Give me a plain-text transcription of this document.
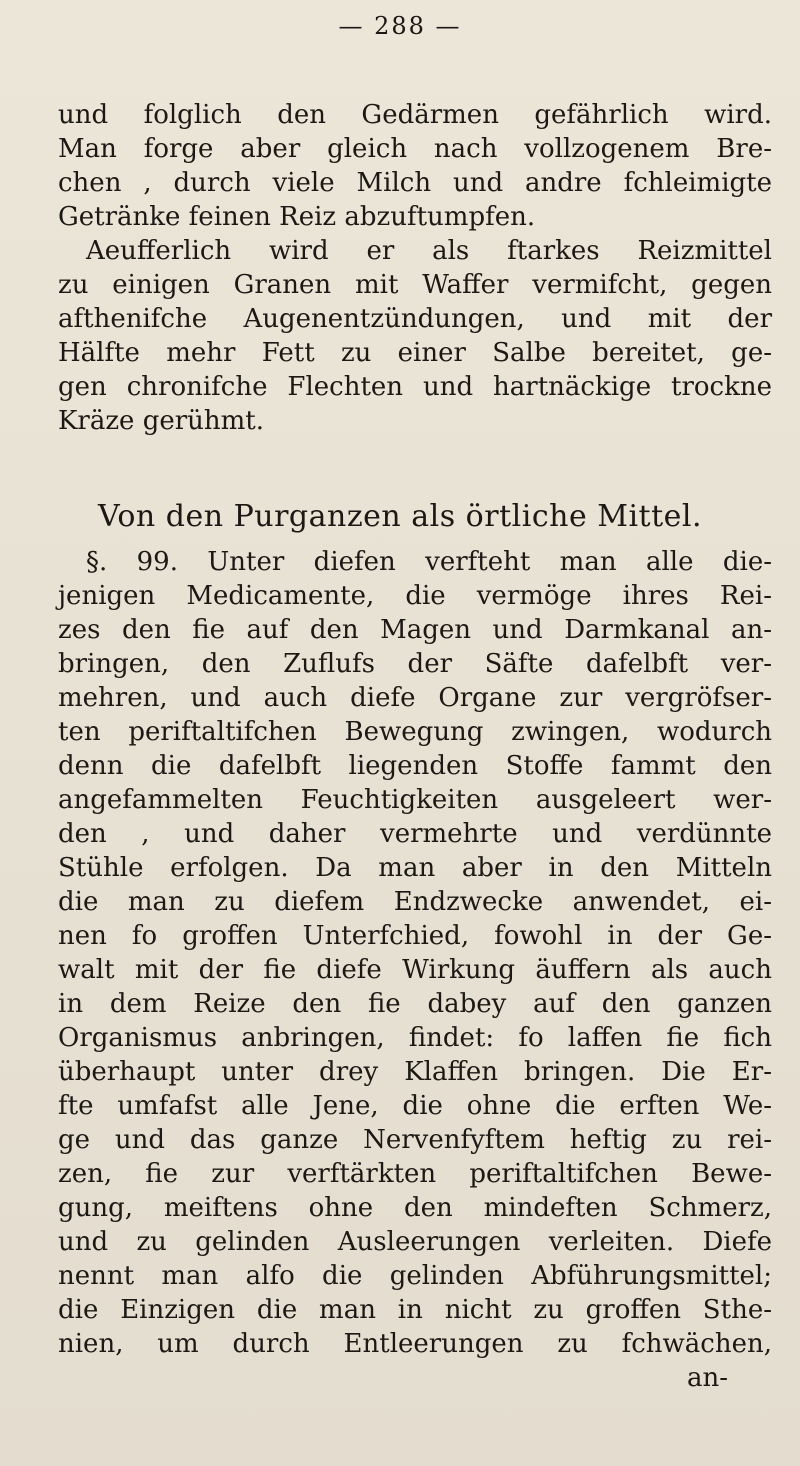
— 288 —
und folglich den Gedärmen gefährlich wird.
Man forge aber gleich nach vollzogenem Bre-
chen , durch viele Milch und andre fchleimigte
Getränke feinen Reiz abzuftumpfen.
Aeufferlich wird er als ftarkes Reizmittel
zu einigen Granen mit Waffer vermifcht, gegen
afthenifche Augenentzündungen, und mit der
Hälfte mehr Fett zu einer Salbe bereitet, ge-
gen chronifche Flechten und hartnäckige trockne
Kräze gerühmt.
Von den Purganzen als örtliche Mittel.
§. 99. Unter diefen verfteht man alle die-
jenigen Medicamente, die vermöge ihres Rei-
zes den fie auf den Magen und Darmkanal an-
bringen, den Zuflufs der Säfte dafelbft ver-
mehren, und auch diefe Organe zur vergröfser-
ten periftaltifchen Bewegung zwingen, wodurch
denn die dafelbft liegenden Stoffe fammt den
angefammelten Feuchtigkeiten ausgeleert wer-
den , und daher vermehrte und verdünnte
Stühle erfolgen. Da man aber in den Mitteln
die man zu diefem Endzwecke anwendet, ei-
nen fo groffen Unterfchied, fowohl in der Ge-
walt mit der fie diefe Wirkung äuffern als auch
in dem Reize den fie dabey auf den ganzen
Organismus anbringen, findet: fo laffen fie fich
überhaupt unter drey Klaffen bringen. Die Er-
fte umfafst alle Jene, die ohne die erften We-
ge und das ganze Nervenfyftem heftig zu rei-
zen, fie zur verftärkten periftaltifchen Bewe-
gung, meiftens ohne den mindeften Schmerz,
und zu gelinden Ausleerungen verleiten. Diefe
nennt man alfo die gelinden Abführungsmittel;
die Einzigen die man in nicht zu groffen Sthe-
nien, um durch Entleerungen zu fchwächen,
an-
